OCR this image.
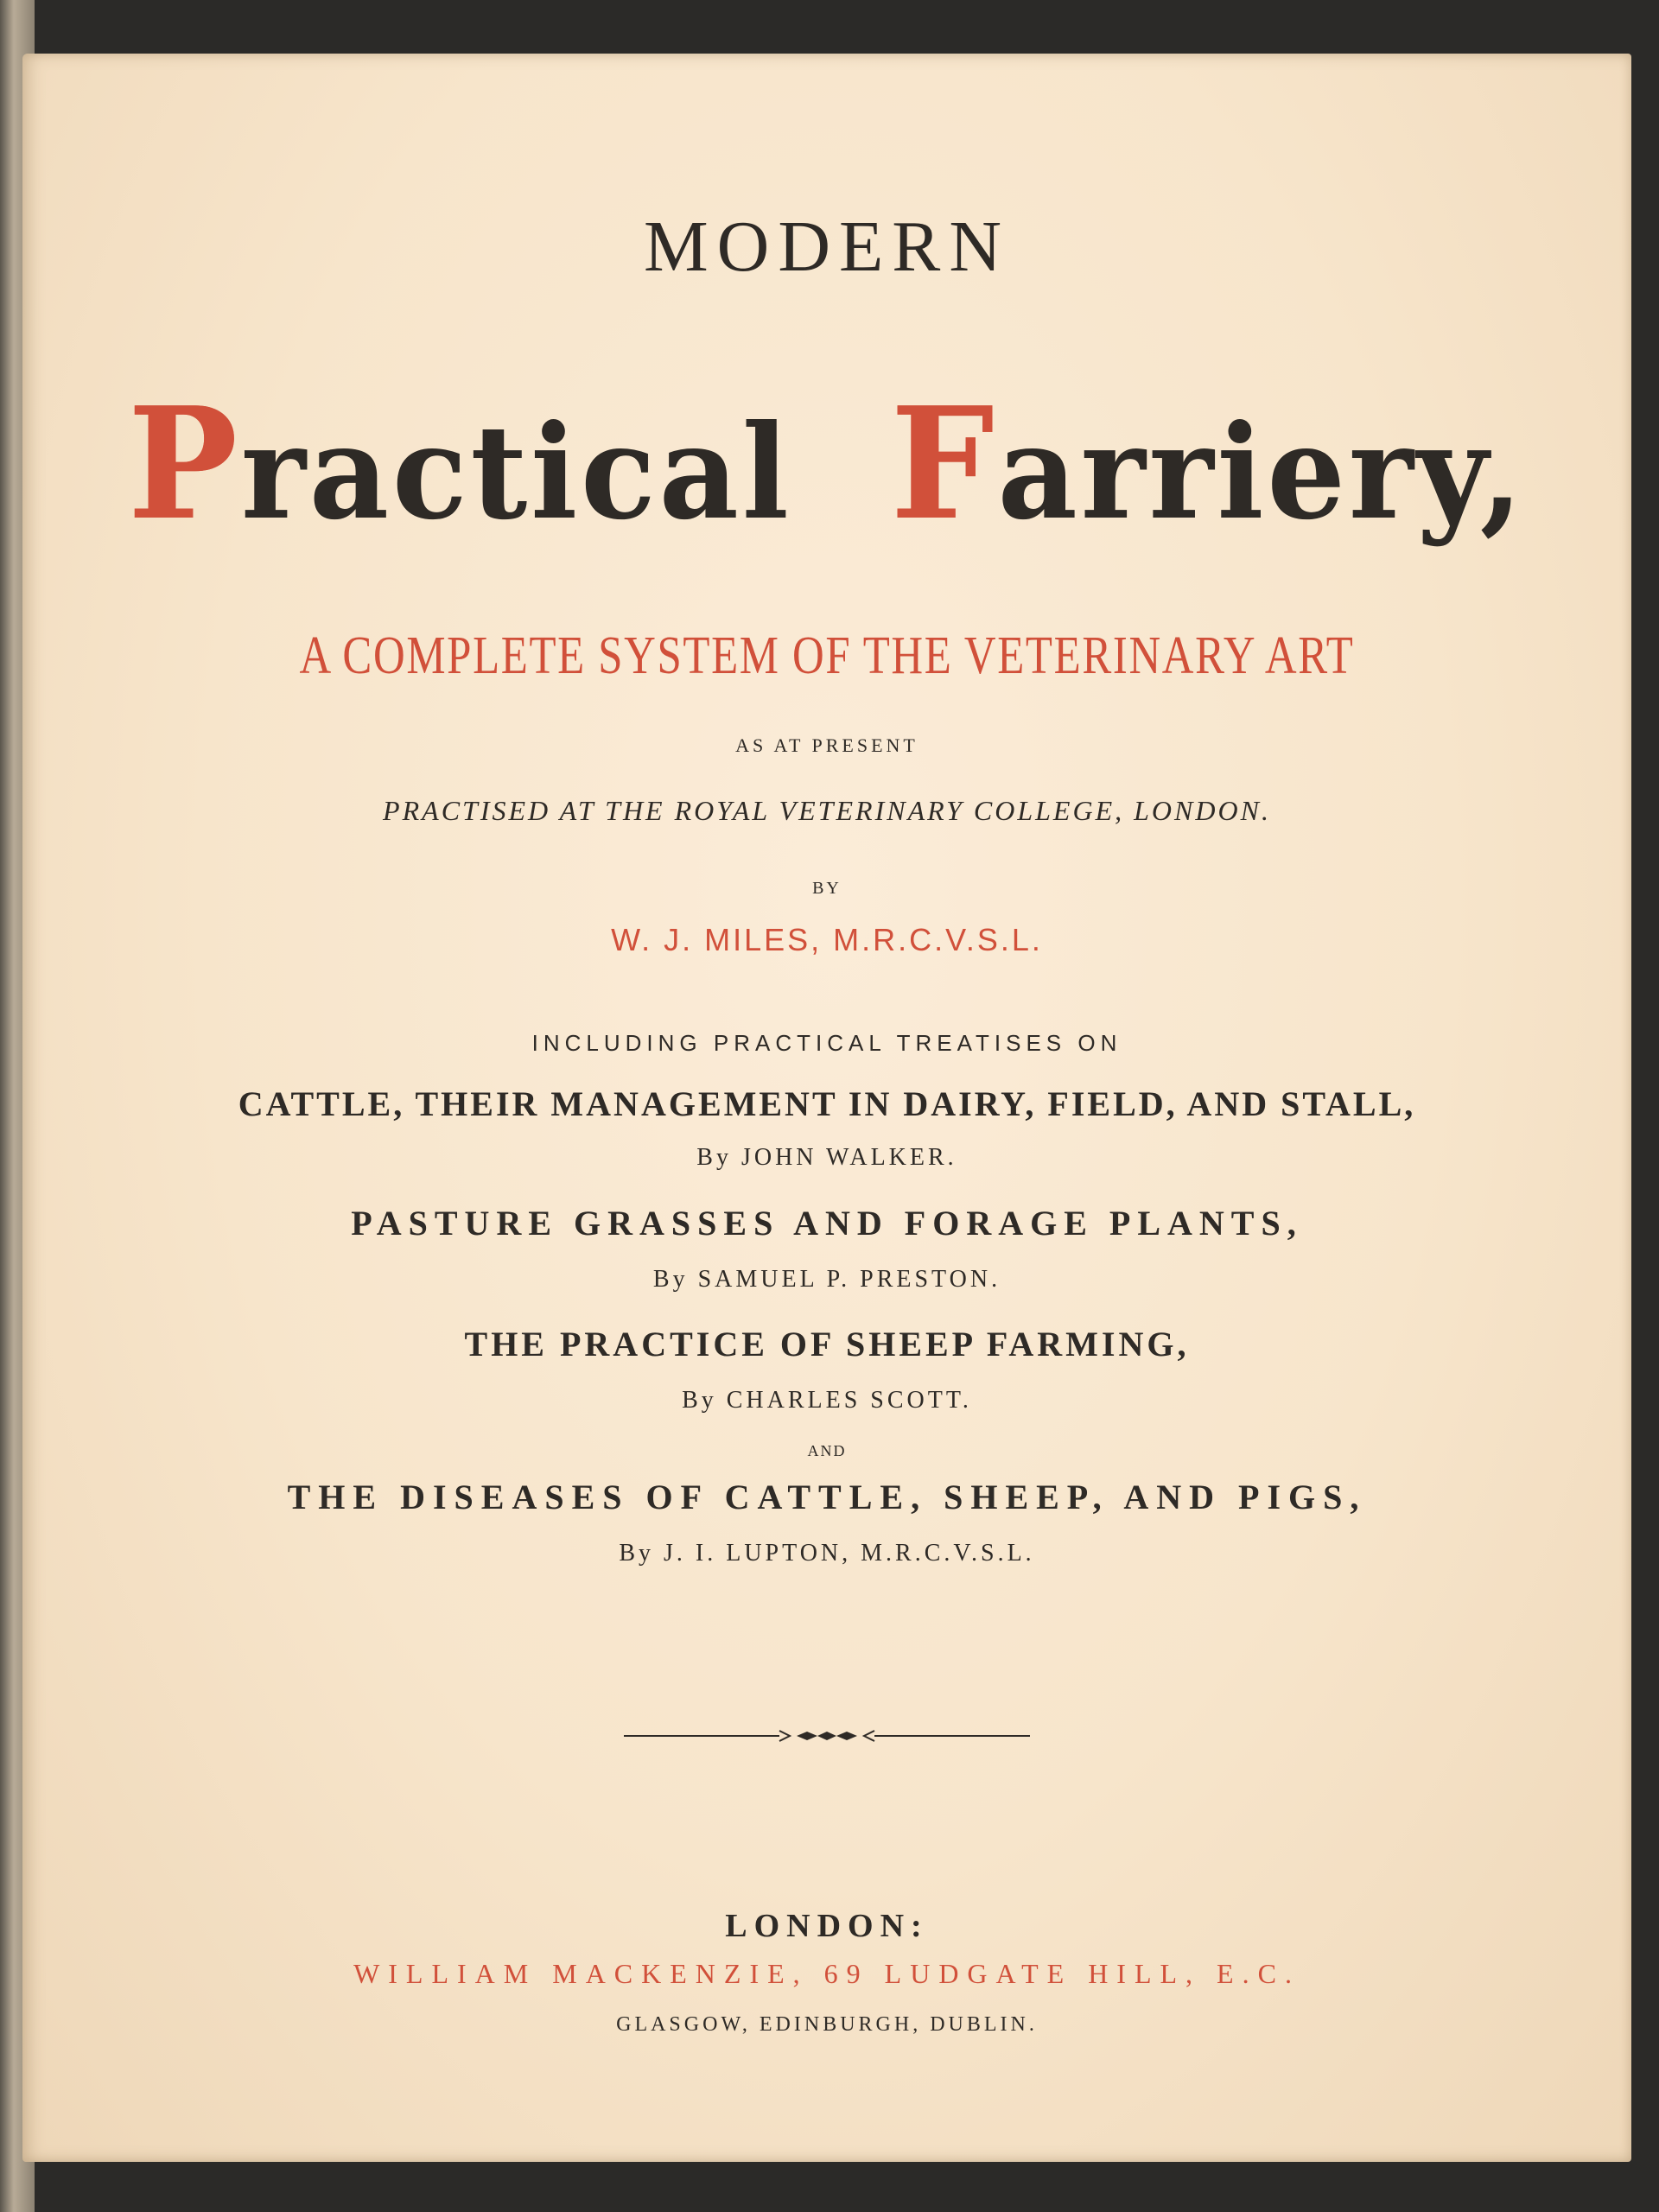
MODERN
Practical Farriery,
A COMPLETE SYSTEM OF THE VETERINARY ART
AS AT PRESENT
PRACTISED AT THE ROYAL VETERINARY COLLEGE, LONDON.
BY
W. J. MILES, M.R.C.V.S.L.
INCLUDING PRACTICAL TREATISES ON
CATTLE, THEIR MANAGEMENT IN DAIRY, FIELD, AND STALL,
By JOHN WALKER.
PASTURE GRASSES AND FORAGE PLANTS,
By SAMUEL P. PRESTON.
THE PRACTICE OF SHEEP FARMING,
By CHARLES SCOTT.
AND
THE DISEASES OF CATTLE, SHEEP, AND PIGS,
By J. I. LUPTON, M.R.C.V.S.L.
LONDON:
WILLIAM MACKENZIE, 69 LUDGATE HILL, E.C.
GLASGOW, EDINBURGH, DUBLIN.
